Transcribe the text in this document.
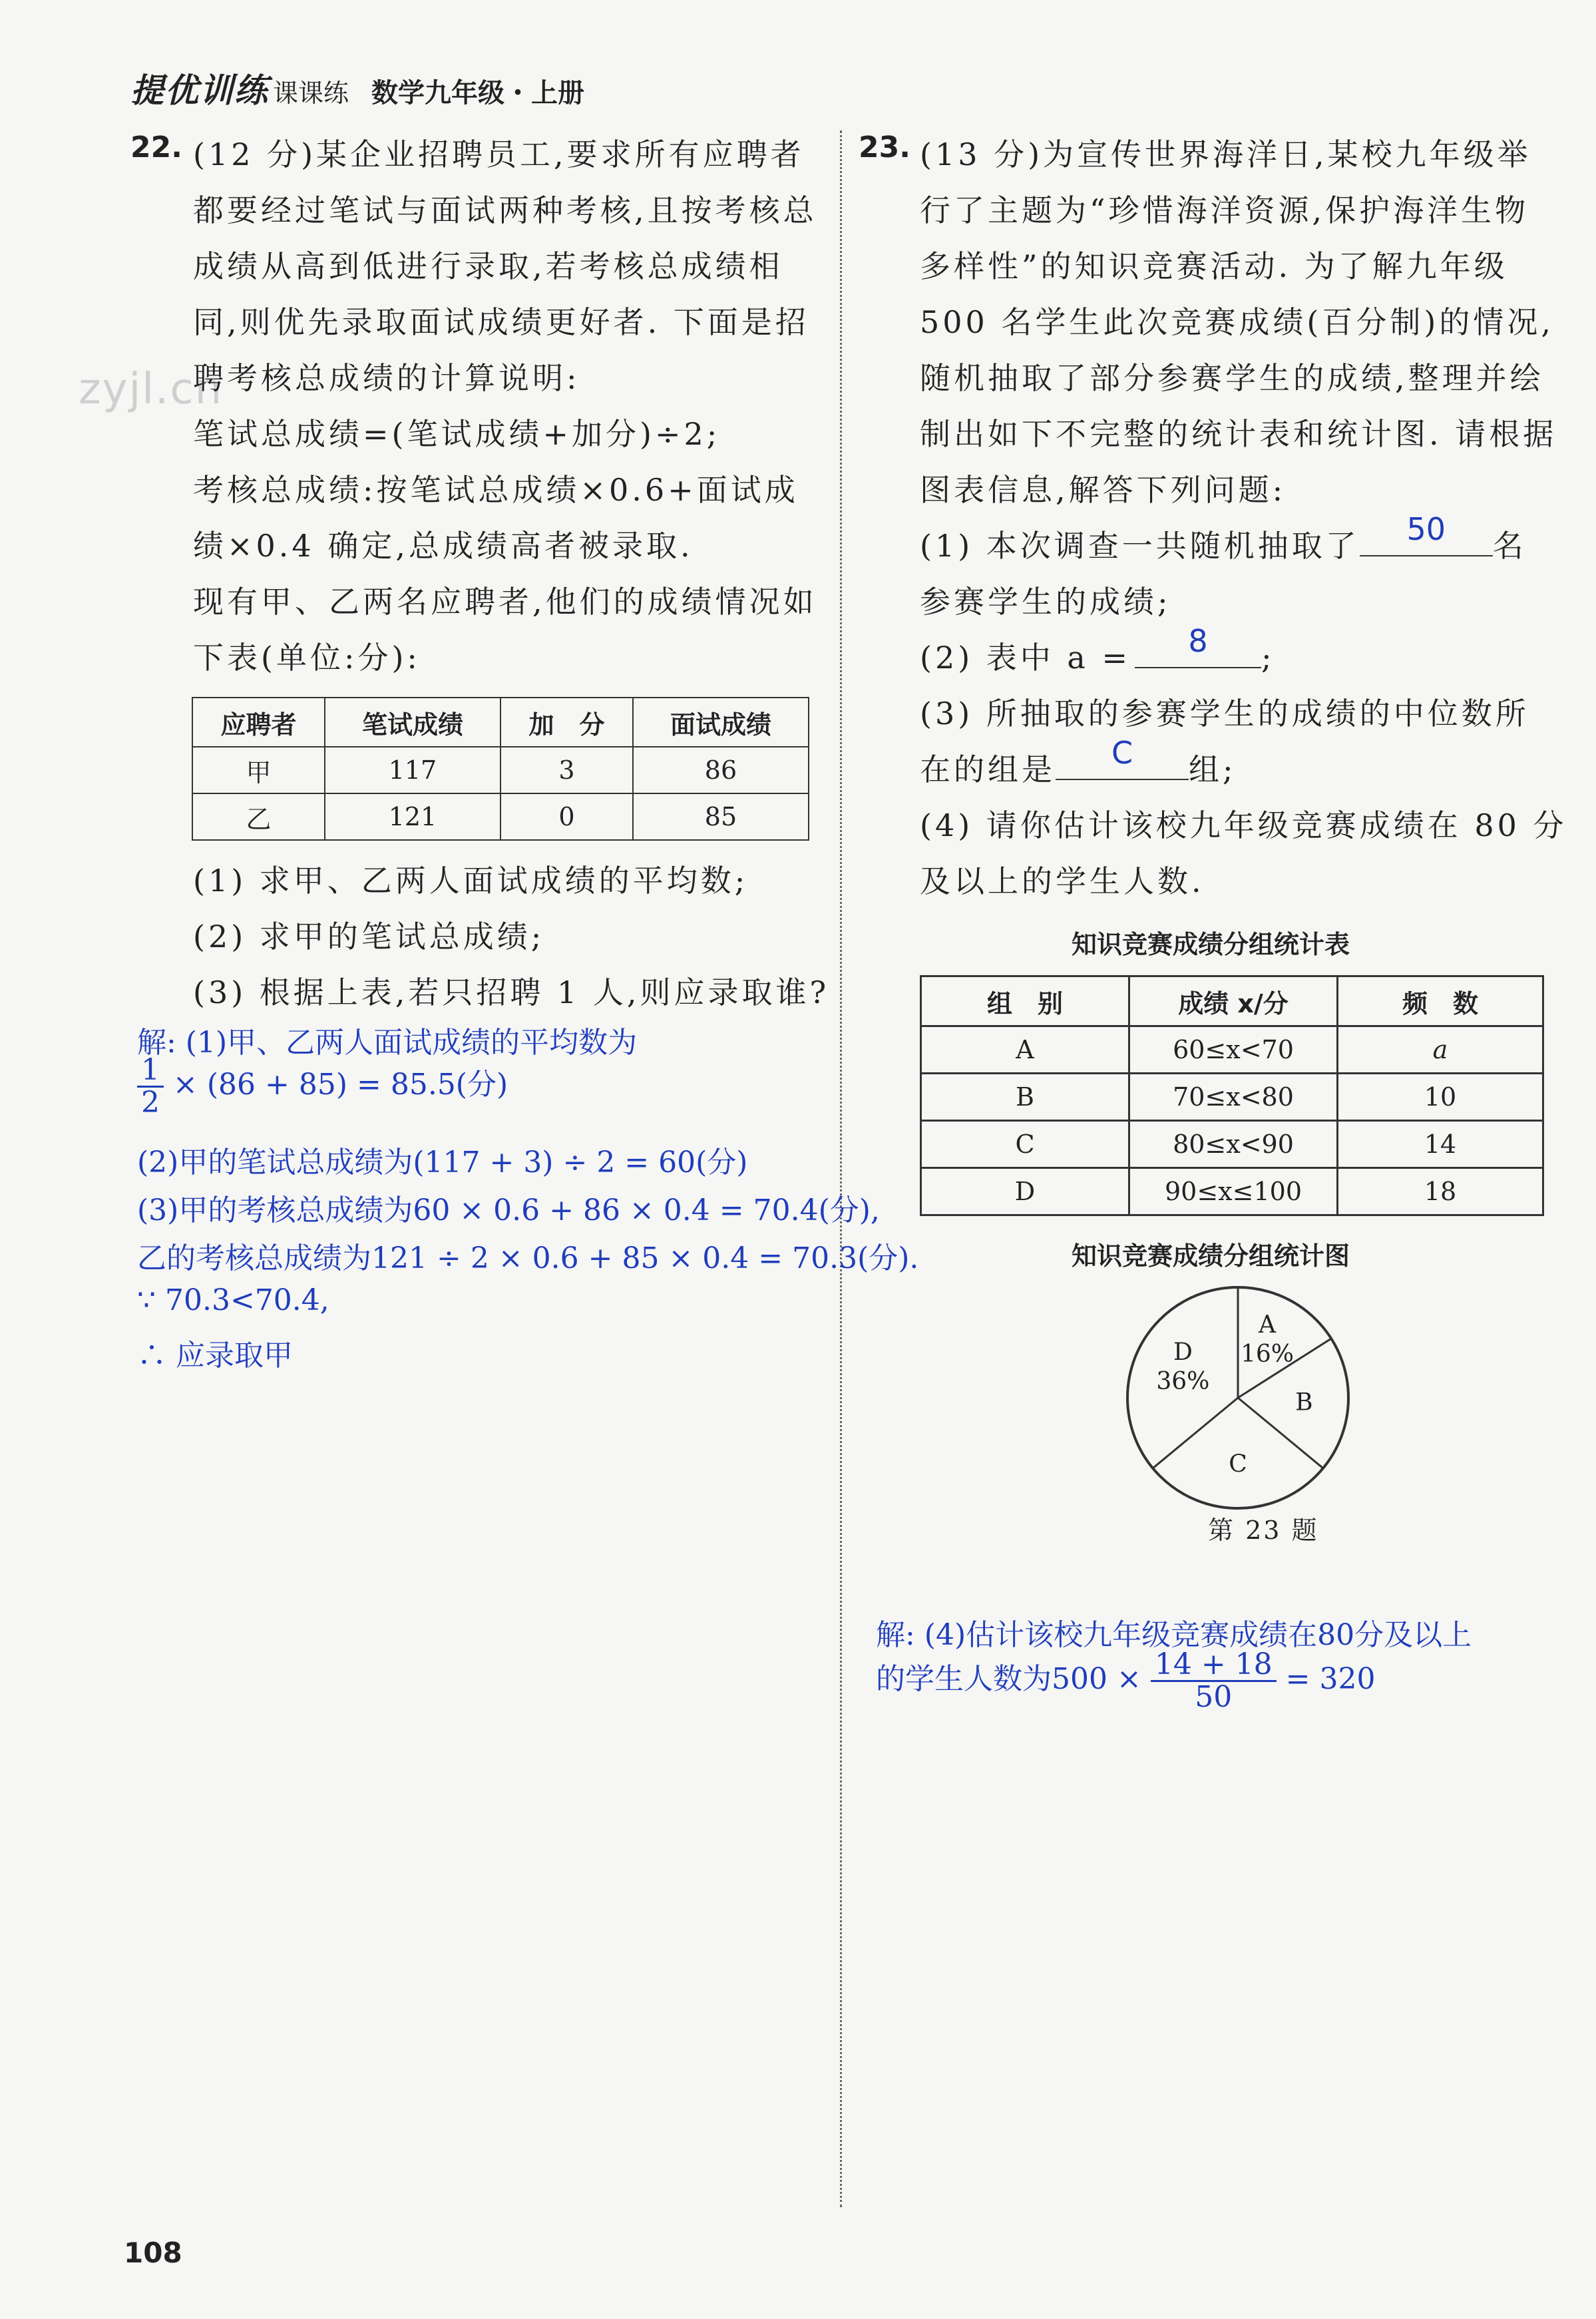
提优训练 课课练 数学九年级・上册
zyjl.cn
22. (12 分)某企业招聘员工,要求所有应聘者
都要经过笔试与面试两种考核,且按考核总
成绩从高到低进行录取,若考核总成绩相
同,则优先录取面试成绩更好者. 下面是招
聘考核总成绩的计算说明:
笔试总成绩=(笔试成绩+加分)÷2;
考核总成绩:按笔试总成绩×0.6+面试成
绩×0.4 确定,总成绩高者被录取.
现有甲、乙两名应聘者,他们的成绩情况如
下表(单位:分):
应聘者	笔试成绩	加　分	面试成绩
甲	117	3	86
乙	121	0	85
(1) 求甲、乙两人面试成绩的平均数;
(2) 求甲的笔试总成绩;
(3) 根据上表,若只招聘 1 人,则应录取谁?
解: (1)甲、乙两人面试成绩的平均数为
$\frac{1}{2} \times (86 + 85) = 85.5$(分)
(2)甲的笔试总成绩为(117 + 3) ÷ 2 = 60(分)
(3)甲的考核总成绩为60 × 0.6 + 86 × 0.4 = 70.4(分),
乙的考核总成绩为121 ÷ 2 × 0.6 + 85 × 0.4 = 70.3(分).
∵ 70.3<70.4,
∴ 应录取甲
23. (13 分)为宣传世界海洋日,某校九年级举
行了主题为“珍惜海洋资源,保护海洋生物
多样性”的知识竞赛活动. 为了解九年级
500 名学生此次竞赛成绩(百分制)的情况,
随机抽取了部分参赛学生的成绩,整理并绘
制出如下不完整的统计表和统计图. 请根据
图表信息,解答下列问题:
(1) 本次调查一共随机抽取了	50	名
参赛学生的成绩;
(2) 表中 a =	8	;
(3) 所抽取的参赛学生的成绩的中位数所
在的组是	C	组;
(4) 请你估计该校九年级竞赛成绩在 80 分
及以上的学生人数.
知识竞赛成绩分组统计表
组　别	成绩 x/分	频　数
A	60≤x<70	a
B	70≤x<80	10
C	80≤x<90	14
D	90≤x≤100	18
知识竞赛成绩分组统计图
A
16%
B
C
D
36%
第 23 题
解: (4)估计该校九年级竞赛成绩在80分及以上
的学生人数为$500 \times \frac{14 + 18}{50} = 320$
108
